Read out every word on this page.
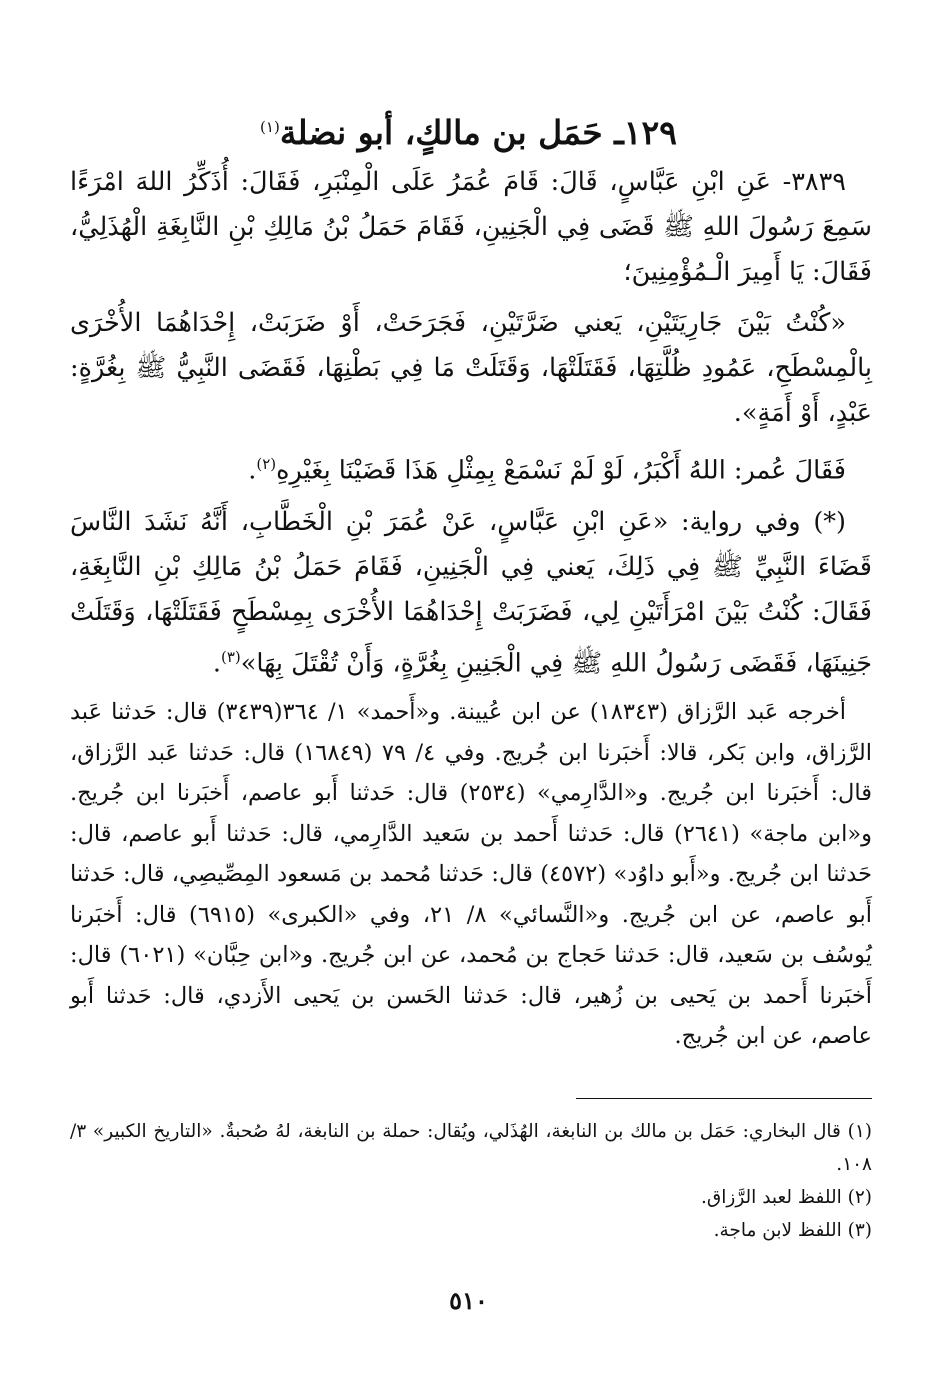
١٢٩ـ حَمَل بن مالكٍ، أبو نضلة$^{(١)}$

٣٨٣٩- عَنِ ابْنِ عَبَّاسٍ، قَالَ: قَامَ عُمَرُ عَلَى الْمِنْبَرِ، فَقَالَ: أُذَكِّرُ اللهَ امْرَءًا سَمِعَ رَسُولَ اللهِ ﷺ قَضَى فِي الْجَنِينِ، فَقَامَ حَمَلُ بْنُ مَالِكِ بْنِ النَّابِغَةِ الْهُذَلِيُّ، فَقَالَ: يَا أَمِيرَ الْـمُؤْمِنِينَ؛

«كُنْتُ بَيْنَ جَارِيَتَيْنِ، يَعني ضَرَّتَيْنِ، فَجَرَحَتْ، أَوْ ضَرَبَتْ، إِحْدَاهُمَا الأُخْرَى بِالْمِسْطَحِ، عَمُودِ ظُلَّتِهَا، فَقَتَلَتْهَا، وَقَتَلَتْ مَا فِي بَطْنِهَا، فَقَضَى النَّبِيُّ ﷺ بِغُرَّةٍ: عَبْدٍ، أَوْ أَمَةٍ».

فَقَالَ عُمر: اللهُ أَكْبَرُ، لَوْ لَمْ نَسْمَعْ بِمِثْلِ هَذَا قَضَيْنَا بِغَيْرِهِ$^{(٢)}$.

(*) وفي رواية: «عَنِ ابْنِ عَبَّاسٍ، عَنْ عُمَرَ بْنِ الْخَطَّابِ، أَنَّهُ نَشَدَ النَّاسَ قَضَاءَ النَّبِيِّ ﷺ فِي ذَلِكَ، يَعني فِي الْجَنِينِ، فَقَامَ حَمَلُ بْنُ مَالِكِ بْنِ النَّابِغَةِ، فَقَالَ: كُنْتُ بَيْنَ امْرَأَتَيْنِ لِي، فَضَرَبَتْ إِحْدَاهُمَا الأُخْرَى بِمِسْطَحٍ فَقَتَلَتْهَا، وَقَتَلَتْ جَنِينَهَا، فَقَضَى رَسُولُ اللهِ ﷺ فِي الْجَنِينِ بِغُرَّةٍ، وَأَنْ تُقْتَلَ بِهَا»$^{(٣)}$.

أخرجه عَبد الرَّزاق (١٨٣٤٣) عن ابن عُيينة. و«أَحمد» ١/ ٣٦٤(٣٤٣٩) قال: حَدثنا عَبد الرَّزاق، وابن بَكر، قالا: أَخبَرنا ابن جُريج. وفي ٤/ ٧٩ (١٦٨٤٩) قال: حَدثنا عَبد الرَّزاق، قال: أَخبَرنا ابن جُريج. و«الدَّارِمي» (٢٥٣٤) قال: حَدثنا أَبو عاصم، أَخبَرنا ابن جُريج. و«ابن ماجة» (٢٦٤١) قال: حَدثنا أَحمد بن سَعيد الدَّارِمي، قال: حَدثنا أَبو عاصم، قال: حَدثنا ابن جُريج. و«أَبو داوُد» (٤٥٧٢) قال: حَدثنا مُحمد بن مَسعود المِصِّيصِي، قال: حَدثنا أَبو عاصم، عن ابن جُريج. و«النَّسائي» ٨/ ٢١، وفي «الكبرى» (٦٩١٥) قال: أَخبَرنا يُوسُف بن سَعيد، قال: حَدثنا حَجاج بن مُحمد، عن ابن جُريج. و«ابن حِبَّان» (٦٠٢١) قال: أَخبَرنا أَحمد بن يَحيى بن زُهير، قال: حَدثنا الحَسن بن يَحيى الأَزدي، قال: حَدثنا أَبو عاصم، عن ابن جُريج.

(١) قال البخاري: حَمَل بن مالك بن النابغة، الهُذَلي، ويُقال: حملة بن النابغة، لهُ صُحبةٌ. «التاريخ الكبير» ٣/ ١٠٨.

(٢) اللفظ لعبد الرَّزاق.

(٣) اللفظ لابن ماجة.

٥١٠
